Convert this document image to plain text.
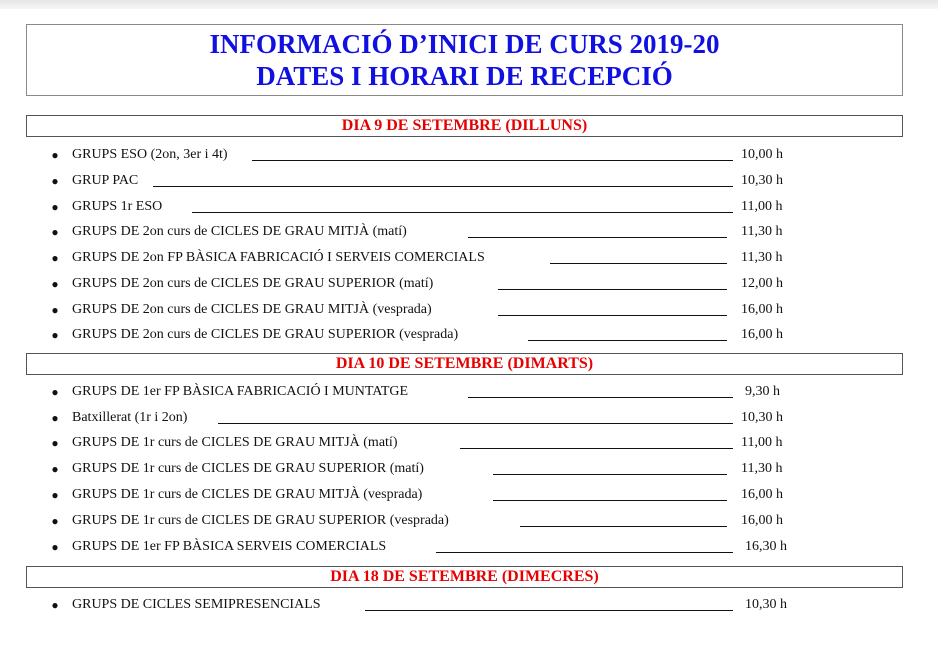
INFORMACIÓ D’INICI DE CURS 2019-20
DATES I HORARI DE RECEPCIÓ
DIA 9 DE SETEMBRE (DILLUNS)
● GRUPS ESO (2on, 3er i 4t)	10,00 h
● GRUP PAC	10,30 h
● GRUPS 1r ESO	11,00 h
● GRUPS DE 2on curs de CICLES DE GRAU MITJÀ (matí)	11,30 h
● GRUPS DE 2on FP BÀSICA FABRICACIÓ I SERVEIS COMERCIALS	11,30 h
● GRUPS DE 2on curs de CICLES DE GRAU SUPERIOR (matí)	12,00 h
● GRUPS DE 2on curs de CICLES DE GRAU MITJÀ (vesprada)	16,00 h
● GRUPS DE 2on curs de CICLES DE GRAU SUPERIOR (vesprada)	16,00 h
DIA 10 DE SETEMBRE (DIMARTS)
● GRUPS DE 1er FP BÀSICA FABRICACIÓ I MUNTATGE	9,30 h
● Batxillerat (1r i 2on)	10,30 h
● GRUPS DE 1r curs de CICLES DE GRAU MITJÀ (matí)	11,00 h
● GRUPS DE 1r curs de CICLES DE GRAU SUPERIOR (matí)	11,30 h
● GRUPS DE 1r curs de CICLES DE GRAU MITJÀ (vesprada)	16,00 h
● GRUPS DE 1r curs de CICLES DE GRAU SUPERIOR (vesprada)	16,00 h
● GRUPS DE 1er FP BÀSICA SERVEIS COMERCIALS	16,30 h
DIA 18 DE SETEMBRE (DIMECRES)
● GRUPS DE CICLES SEMIPRESENCIALS	10,30 h
